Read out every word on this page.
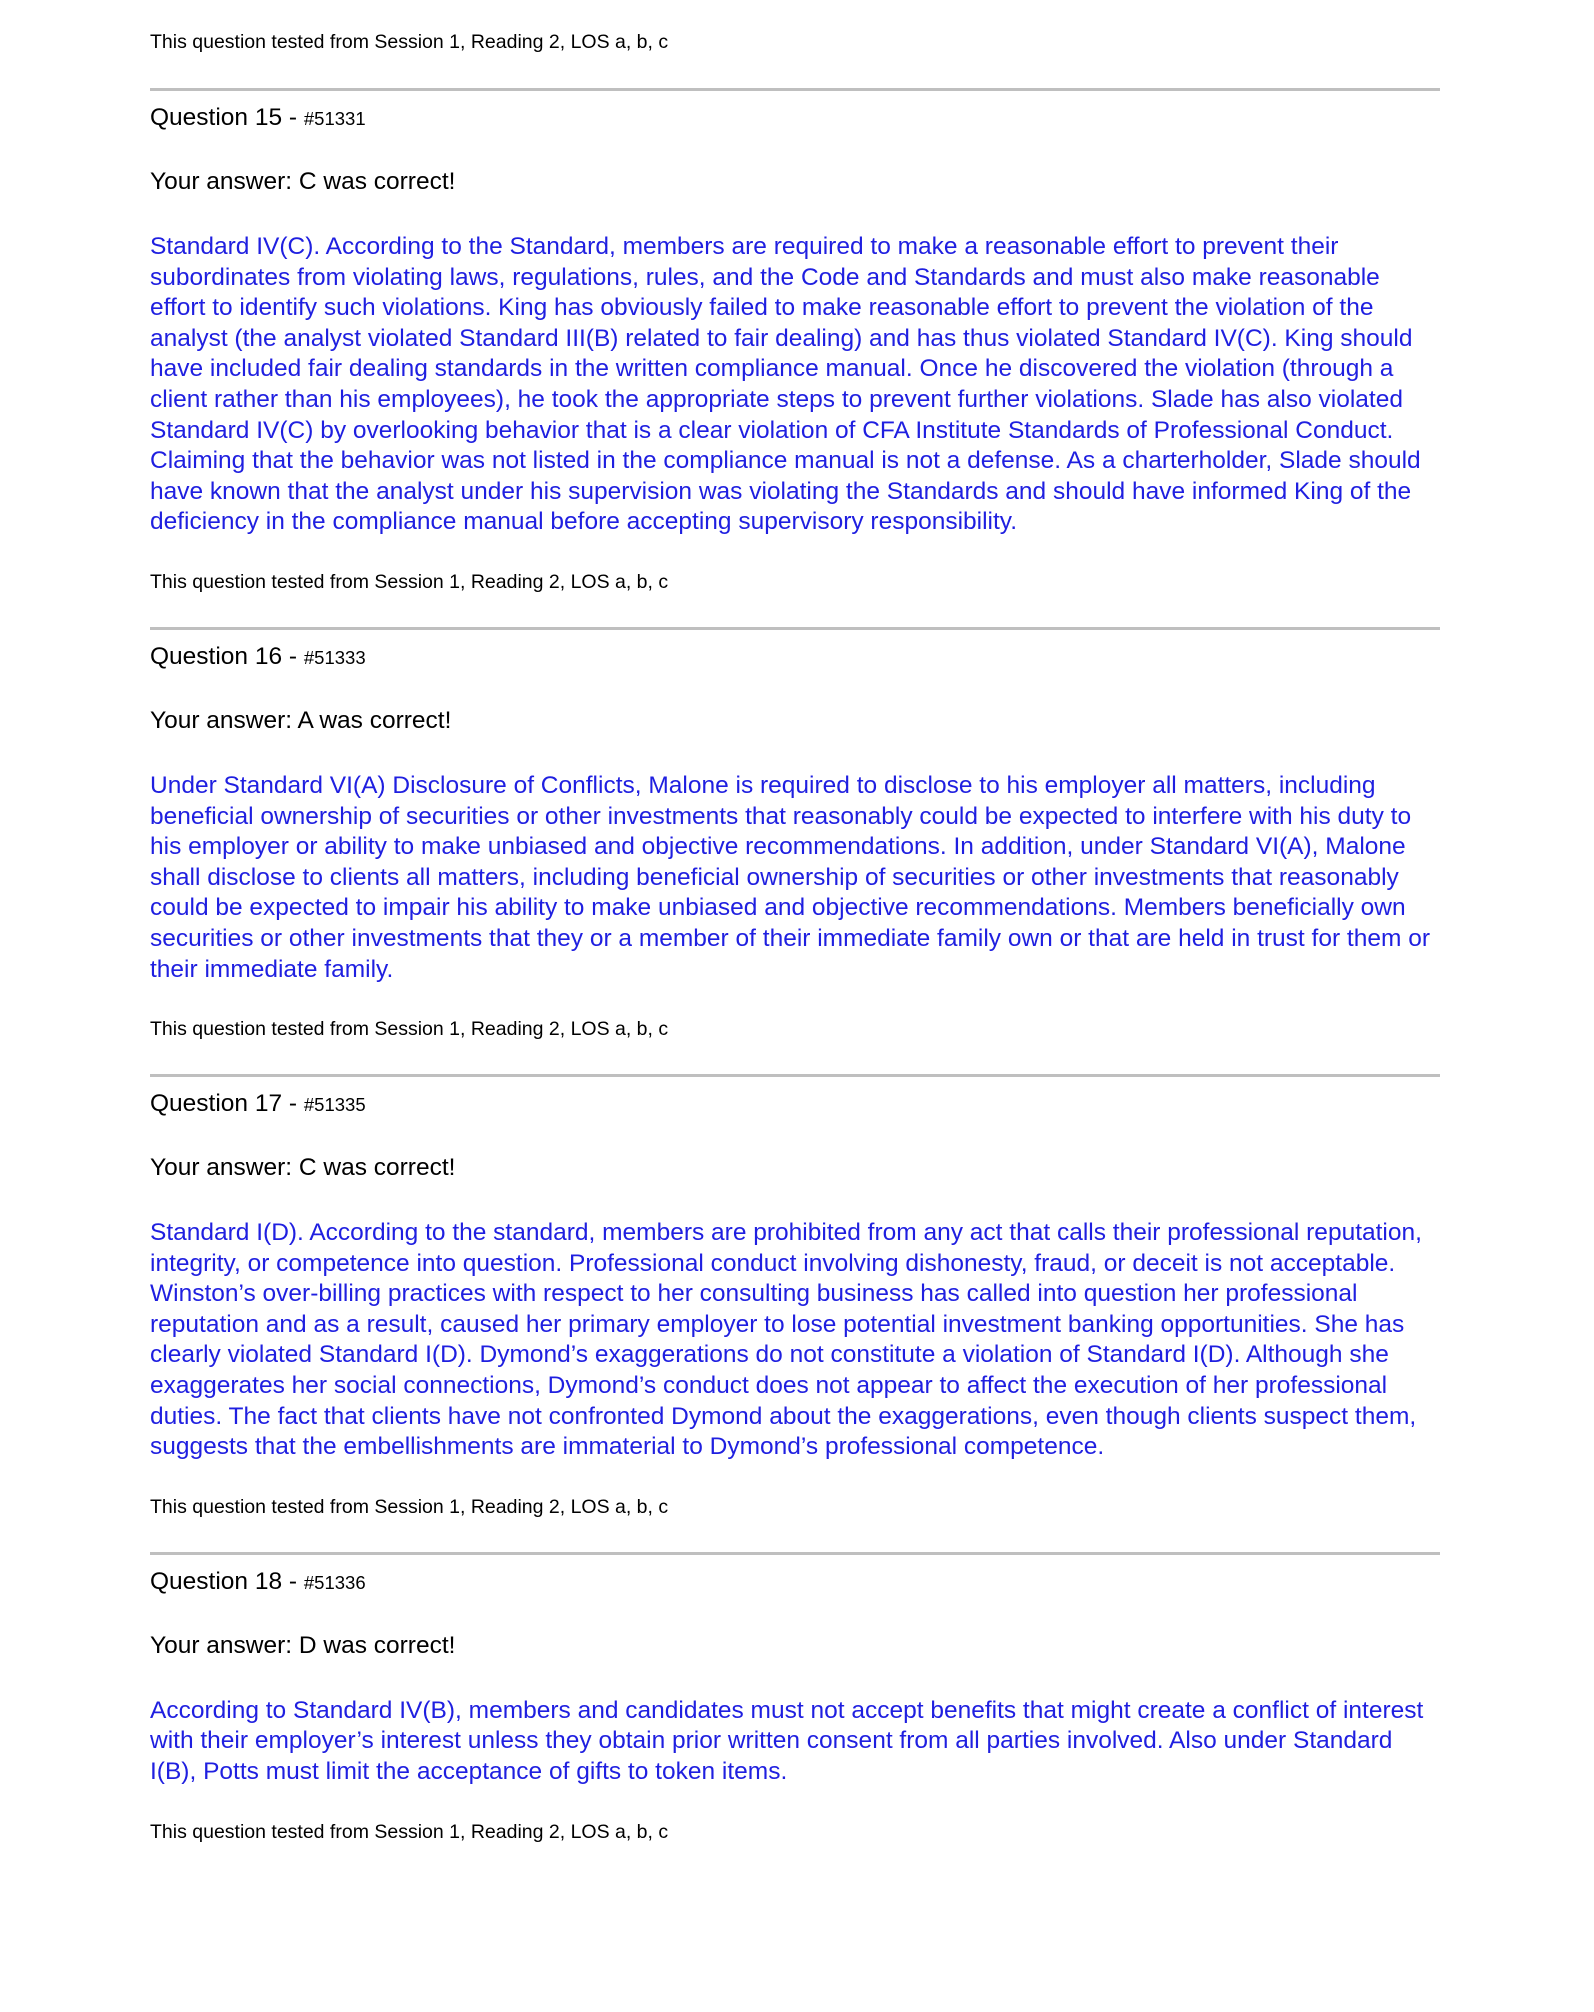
This question tested from Session 1, Reading 2, LOS a, b, c

Question 15 - #51331

Your answer: C was correct!

Standard IV(C). According to the Standard, members are required to make a reasonable effort to prevent their subordinates from violating laws, regulations, rules, and the Code and Standards and must also make reasonable effort to identify such violations. King has obviously failed to make reasonable effort to prevent the violation of the analyst (the analyst violated Standard III(B) related to fair dealing) and has thus violated Standard IV(C). King should have included fair dealing standards in the written compliance manual. Once he discovered the violation (through a client rather than his employees), he took the appropriate steps to prevent further violations. Slade has also violated Standard IV(C) by overlooking behavior that is a clear violation of CFA Institute Standards of Professional Conduct. Claiming that the behavior was not listed in the compliance manual is not a defense. As a charterholder, Slade should have known that the analyst under his supervision was violating the Standards and should have informed King of the deficiency in the compliance manual before accepting supervisory responsibility.

This question tested from Session 1, Reading 2, LOS a, b, c

Question 16 - #51333

Your answer: A was correct!

Under Standard VI(A) Disclosure of Conflicts, Malone is required to disclose to his employer all matters, including beneficial ownership of securities or other investments that reasonably could be expected to interfere with his duty to his employer or ability to make unbiased and objective recommendations. In addition, under Standard VI(A), Malone shall disclose to clients all matters, including beneficial ownership of securities or other investments that reasonably could be expected to impair his ability to make unbiased and objective recommendations. Members beneficially own securities or other investments that they or a member of their immediate family own or that are held in trust for them or their immediate family.

This question tested from Session 1, Reading 2, LOS a, b, c

Question 17 - #51335

Your answer: C was correct!

Standard I(D). According to the standard, members are prohibited from any act that calls their professional reputation, integrity, or competence into question. Professional conduct involving dishonesty, fraud, or deceit is not acceptable. Winston’s over-billing practices with respect to her consulting business has called into question her professional reputation and as a result, caused her primary employer to lose potential investment banking opportunities. She has clearly violated Standard I(D). Dymond’s exaggerations do not constitute a violation of Standard I(D). Although she exaggerates her social connections, Dymond’s conduct does not appear to affect the execution of her professional duties. The fact that clients have not confronted Dymond about the exaggerations, even though clients suspect them, suggests that the embellishments are immaterial to Dymond’s professional competence.

This question tested from Session 1, Reading 2, LOS a, b, c

Question 18 - #51336

Your answer: D was correct!

According to Standard IV(B), members and candidates must not accept benefits that might create a conflict of interest with their employer’s interest unless they obtain prior written consent from all parties involved. Also under Standard I(B), Potts must limit the acceptance of gifts to token items.

This question tested from Session 1, Reading 2, LOS a, b, c
